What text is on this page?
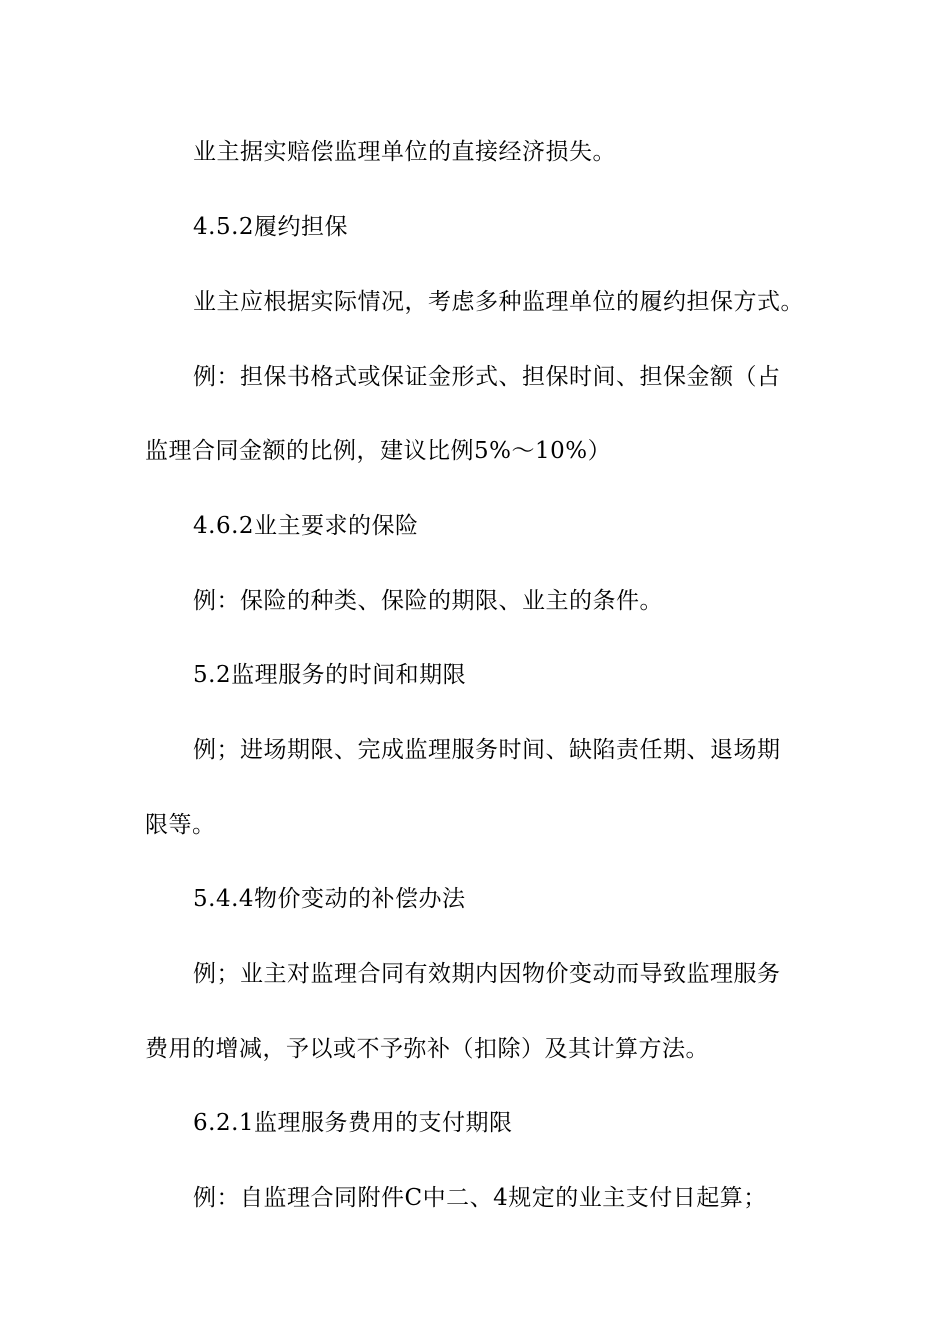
业主据实赔偿监理单位的直接经济损失。
4.5.2履约担保
业主应根据实际情况，考虑多种监理单位的履约担保方式。
例：担保书格式或保证金形式、担保时间、担保金额（占
监理合同金额的比例，建议比例5%～10%）
4.6.2业主要求的保险
例：保险的种类、保险的期限、业主的条件。
5.2监理服务的时间和期限
例；进场期限、完成监理服务时间、缺陷责任期、退场期
限等。
5.4.4物价变动的补偿办法
例；业主对监理合同有效期内因物价变动而导致监理服务
费用的增减，予以或不予弥补（扣除）及其计算方法。
6.2.1监理服务费用的支付期限
例：自监理合同附件C中二、4规定的业主支付日起算；
